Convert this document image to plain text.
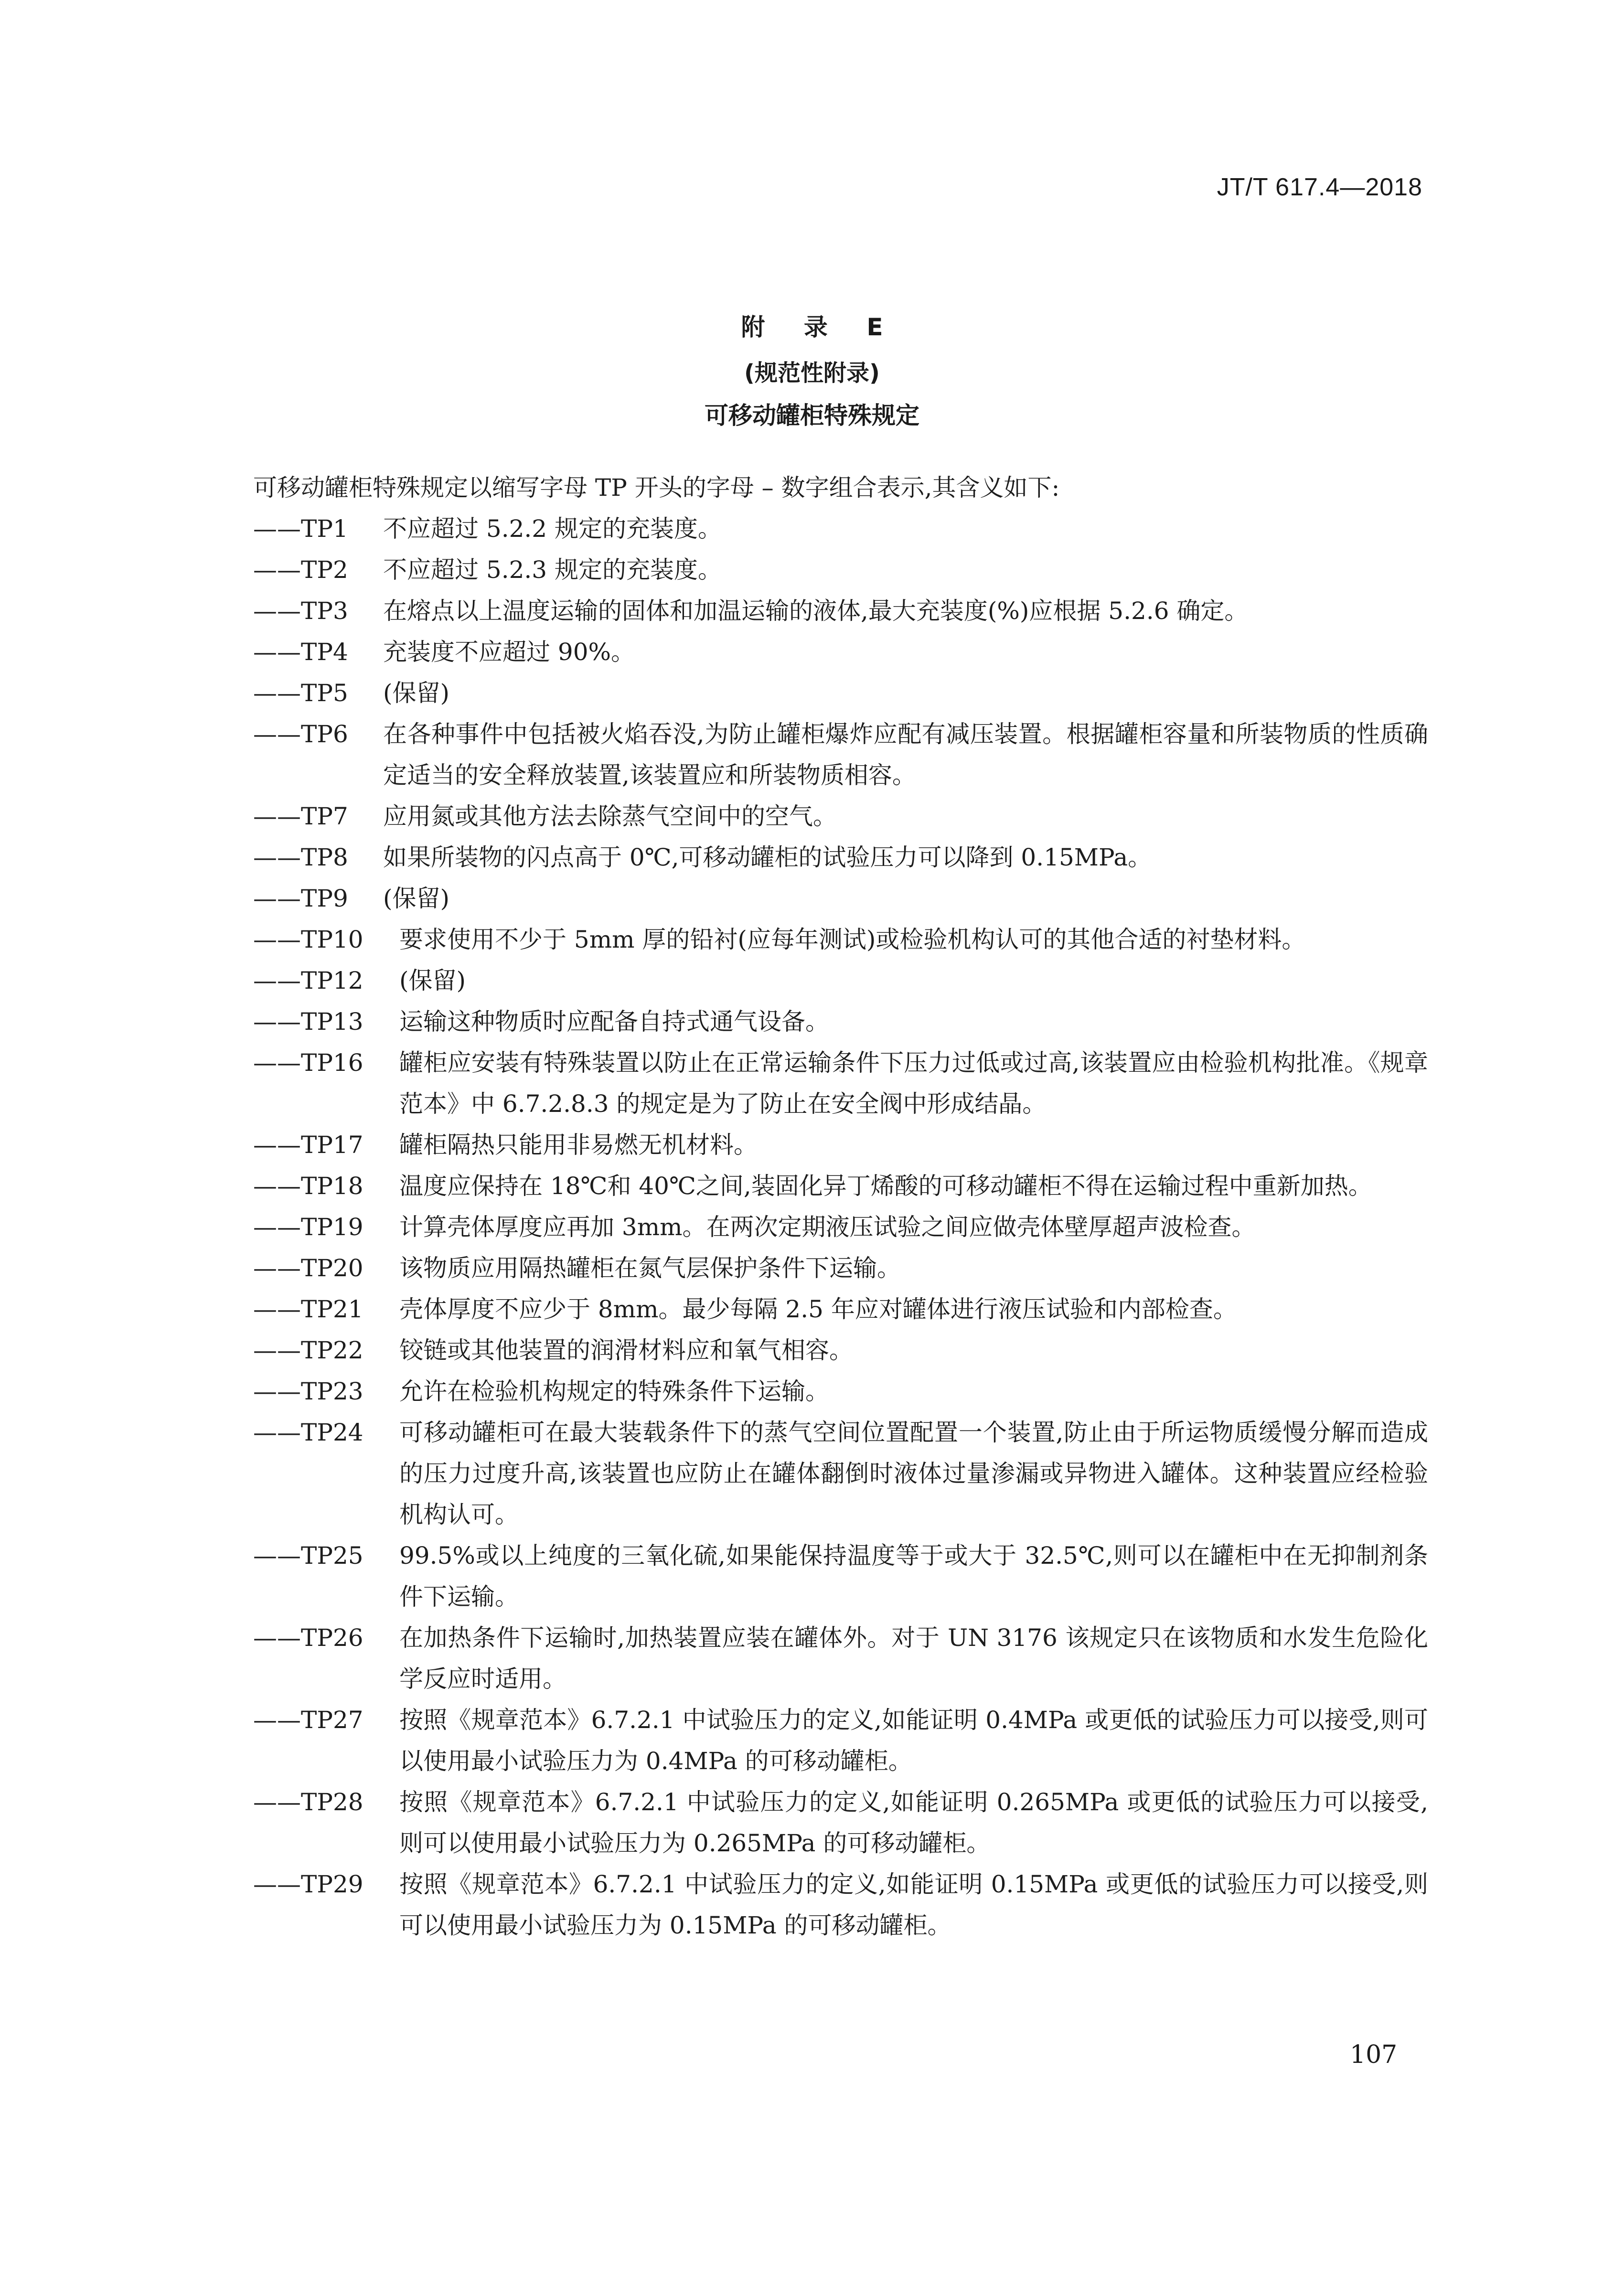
JT/T 617.4—2018
附 录 E
(规范性附录)
可移动罐柜特殊规定
可移动罐柜特殊规定以缩写字母 TP 开头的字母 – 数字组合表示,其含义如下:
——TP1	不应超过 5.2.2 规定的充装度。
——TP2	不应超过 5.2.3 规定的充装度。
——TP3	在熔点以上温度运输的固体和加温运输的液体,最大充装度(%)应根据 5.2.6 确定。
——TP4	充装度不应超过 90%。
——TP5	(保留)
——TP6	在各种事件中包括被火焰吞没,为防止罐柜爆炸应配有减压装置。根据罐柜容量和所装物质的性质确定适当的安全释放装置,该装置应和所装物质相容。
——TP7	应用氮或其他方法去除蒸气空间中的空气。
——TP8	如果所装物的闪点高于 0℃,可移动罐柜的试验压力可以降到 0.15MPa。
——TP9	(保留)
——TP10	要求使用不少于 5mm 厚的铅衬(应每年测试)或检验机构认可的其他合适的衬垫材料。
——TP12	(保留)
——TP13	运输这种物质时应配备自持式通气设备。
——TP16	罐柜应安装有特殊装置以防止在正常运输条件下压力过低或过高,该装置应由检验机构批准。《规章范本》中 6.7.2.8.3 的规定是为了防止在安全阀中形成结晶。
——TP17	罐柜隔热只能用非易燃无机材料。
——TP18	温度应保持在 18℃和 40℃之间,装固化异丁烯酸的可移动罐柜不得在运输过程中重新加热。
——TP19	计算壳体厚度应再加 3mm。在两次定期液压试验之间应做壳体壁厚超声波检查。
——TP20	该物质应用隔热罐柜在氮气层保护条件下运输。
——TP21	壳体厚度不应少于 8mm。最少每隔 2.5 年应对罐体进行液压试验和内部检查。
——TP22	铰链或其他装置的润滑材料应和氧气相容。
——TP23	允许在检验机构规定的特殊条件下运输。
——TP24	可移动罐柜可在最大装载条件下的蒸气空间位置配置一个装置,防止由于所运物质缓慢分解而造成的压力过度升高,该装置也应防止在罐体翻倒时液体过量渗漏或异物进入罐体。这种装置应经检验机构认可。
——TP25	99.5%或以上纯度的三氧化硫,如果能保持温度等于或大于 32.5℃,则可以在罐柜中在无抑制剂条件下运输。
——TP26	在加热条件下运输时,加热装置应装在罐体外。对于 UN 3176 该规定只在该物质和水发生危险化学反应时适用。
——TP27	按照《规章范本》6.7.2.1 中试验压力的定义,如能证明 0.4MPa 或更低的试验压力可以接受,则可以使用最小试验压力为 0.4MPa 的可移动罐柜。
——TP28	按照《规章范本》6.7.2.1 中试验压力的定义,如能证明 0.265MPa 或更低的试验压力可以接受,则可以使用最小试验压力为 0.265MPa 的可移动罐柜。
——TP29	按照《规章范本》6.7.2.1 中试验压力的定义,如能证明 0.15MPa 或更低的试验压力可以接受,则可以使用最小试验压力为 0.15MPa 的可移动罐柜。
107
